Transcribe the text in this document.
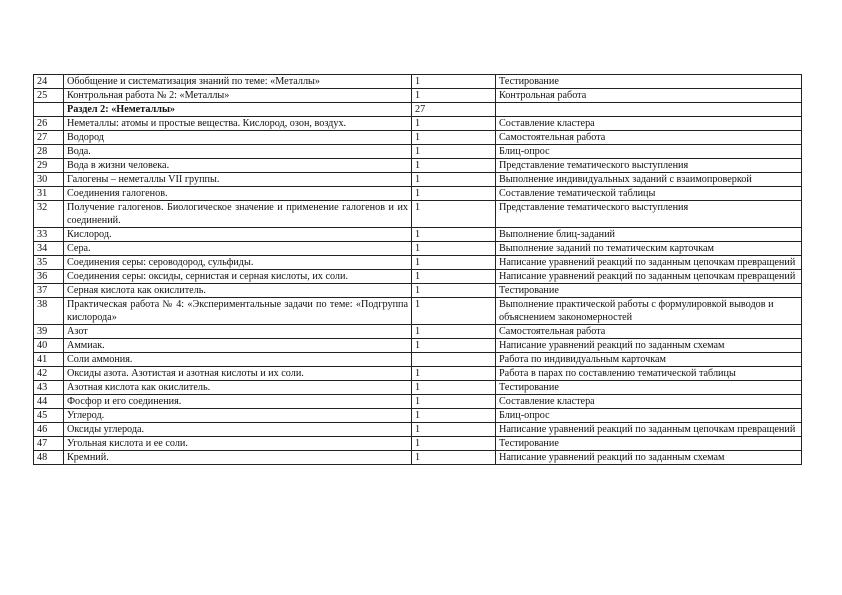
24	Обобщение и систематизация знаний по теме: «Металлы»	1	Тестирование
25	Контрольная работа № 2: «Металлы»	1	Контрольная работа
	Раздел 2: «Неметаллы»	27	
26	Неметаллы: атомы и простые вещества. Кислород, озон, воздух.	1	Составление кластера
27	Водород	1	Самостоятельная работа
28	Вода.	1	Блиц-опрос
29	Вода в жизни человека.	1	Представление тематического выступления
30	Галогены – неметаллы VII группы.	1	Выполнение индивидуальных заданий с взаимопроверкой
31	Соединения галогенов.	1	Составление тематической таблицы
32	Получение галогенов. Биологическое значение и применение галогенов и их соединений.	1	Представление тематического выступления
33	Кислород.	1	Выполнение блиц-заданий
34	Сера.	1	Выполнение заданий по тематическим карточкам
35	Соединения серы: сероводород, сульфиды.	1	Написание уравнений реакций по заданным цепочкам превращений
36	Соединения серы: оксиды, сернистая и серная кислоты, их соли.	1	Написание уравнений реакций по заданным цепочкам превращений
37	Серная кислота как окислитель.	1	Тестирование
38	Практическая работа № 4: «Экспериментальные задачи по теме: «Подгруппа кислорода»	1	Выполнение практической работы с формулировкой выводов и объяснением закономерностей
39	Азот	1	Самостоятельная работа
40	Аммиак.	1	Написание уравнений реакций по заданным схемам
41	Соли аммония.		Работа по индивидуальным карточкам
42	Оксиды азота. Азотистая и азотная кислоты и их соли.	1	Работа в парах по составлению тематической таблицы
43	Азотная кислота как окислитель.	1	Тестирование
44	Фосфор и его соединения.	1	Составление кластера
45	Углерод.	1	Блиц-опрос
46	Оксиды углерода.	1	Написание уравнений реакций по заданным цепочкам превращений
47	Угольная кислота и ее соли.	1	Тестирование
48	Кремний.	1	Написание уравнений реакций по заданным схемам
